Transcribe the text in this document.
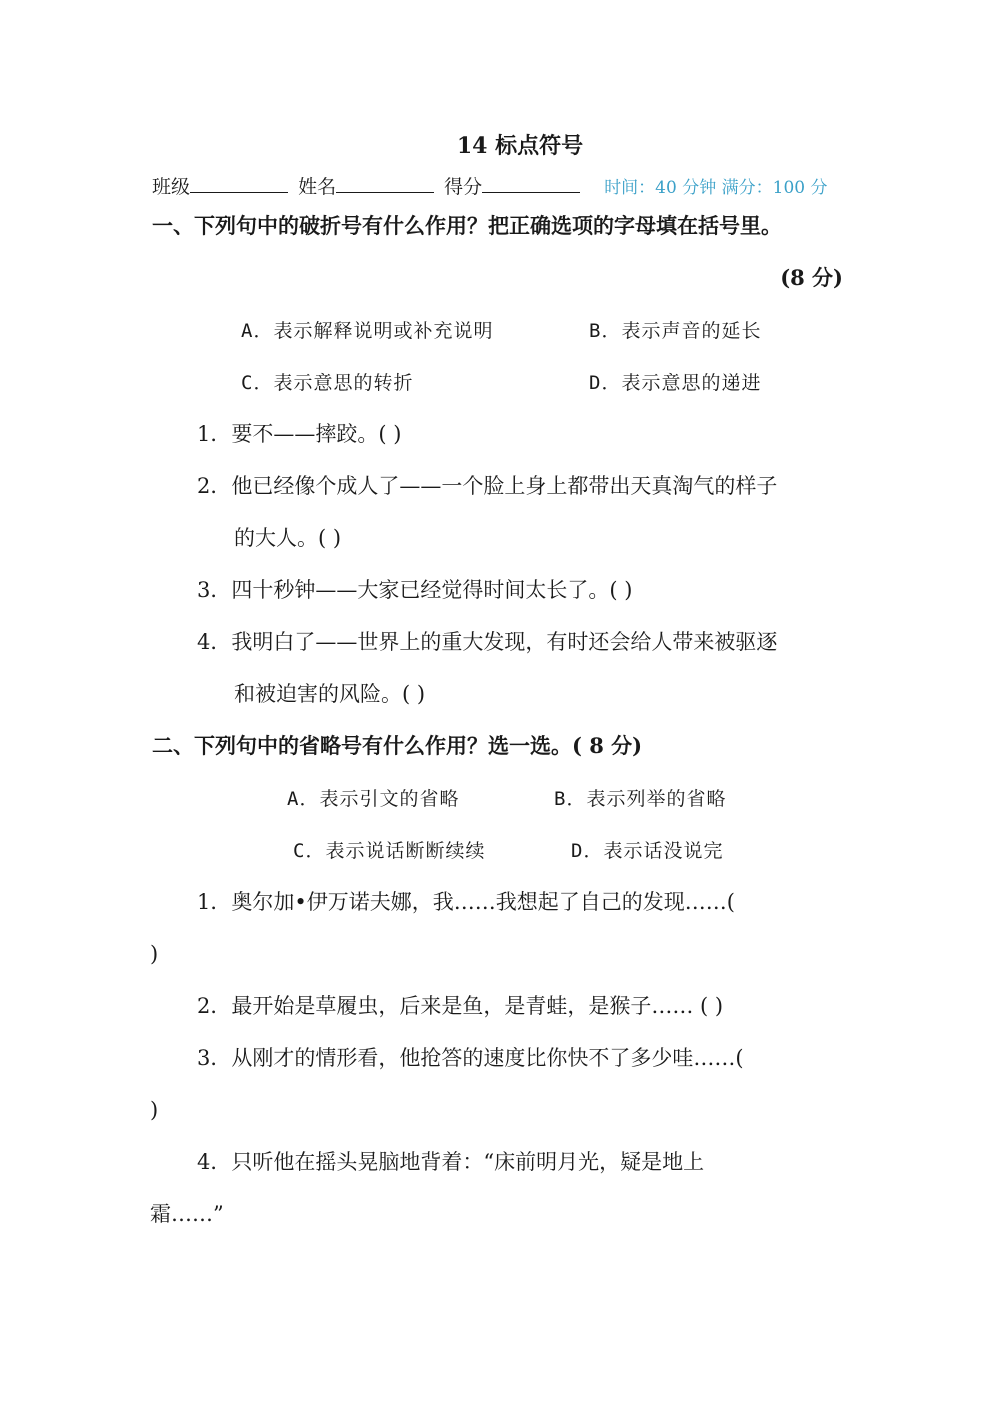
14 标点符号
班级	姓名	得分	时间：40 分钟 满分：100 分
一、下列句中的破折号有什么作用？把正确选项的字母填在括号里。
(8 分)
A．表示解释说明或补充说明	B．表示声音的延长
C．表示意思的转折	D．表示意思的递进
1．要不——摔跤。( )
2．他已经像个成人了——一个脸上身上都带出天真淘气的样子
的大人。( )
3．四十秒钟——大家已经觉得时间太长了。( )
4．我明白了——世界上的重大发现，有时还会给人带来被驱逐
和被迫害的风险。( )
二、下列句中的省略号有什么作用？选一选。( 8 分)
A．表示引文的省略	B．表示列举的省略
C．表示说话断断续续	D．表示话没说完
1．奥尔加•伊万诺夫娜，我……我想起了自己的发现……(
)
2．最开始是草履虫，后来是鱼，是青蛙，是猴子…… ( )
3．从刚才的情形看，他抢答的速度比你快不了多少哇……(
)
4．只听他在摇头晃脑地背着：“床前明月光，疑是地上
霜……”
